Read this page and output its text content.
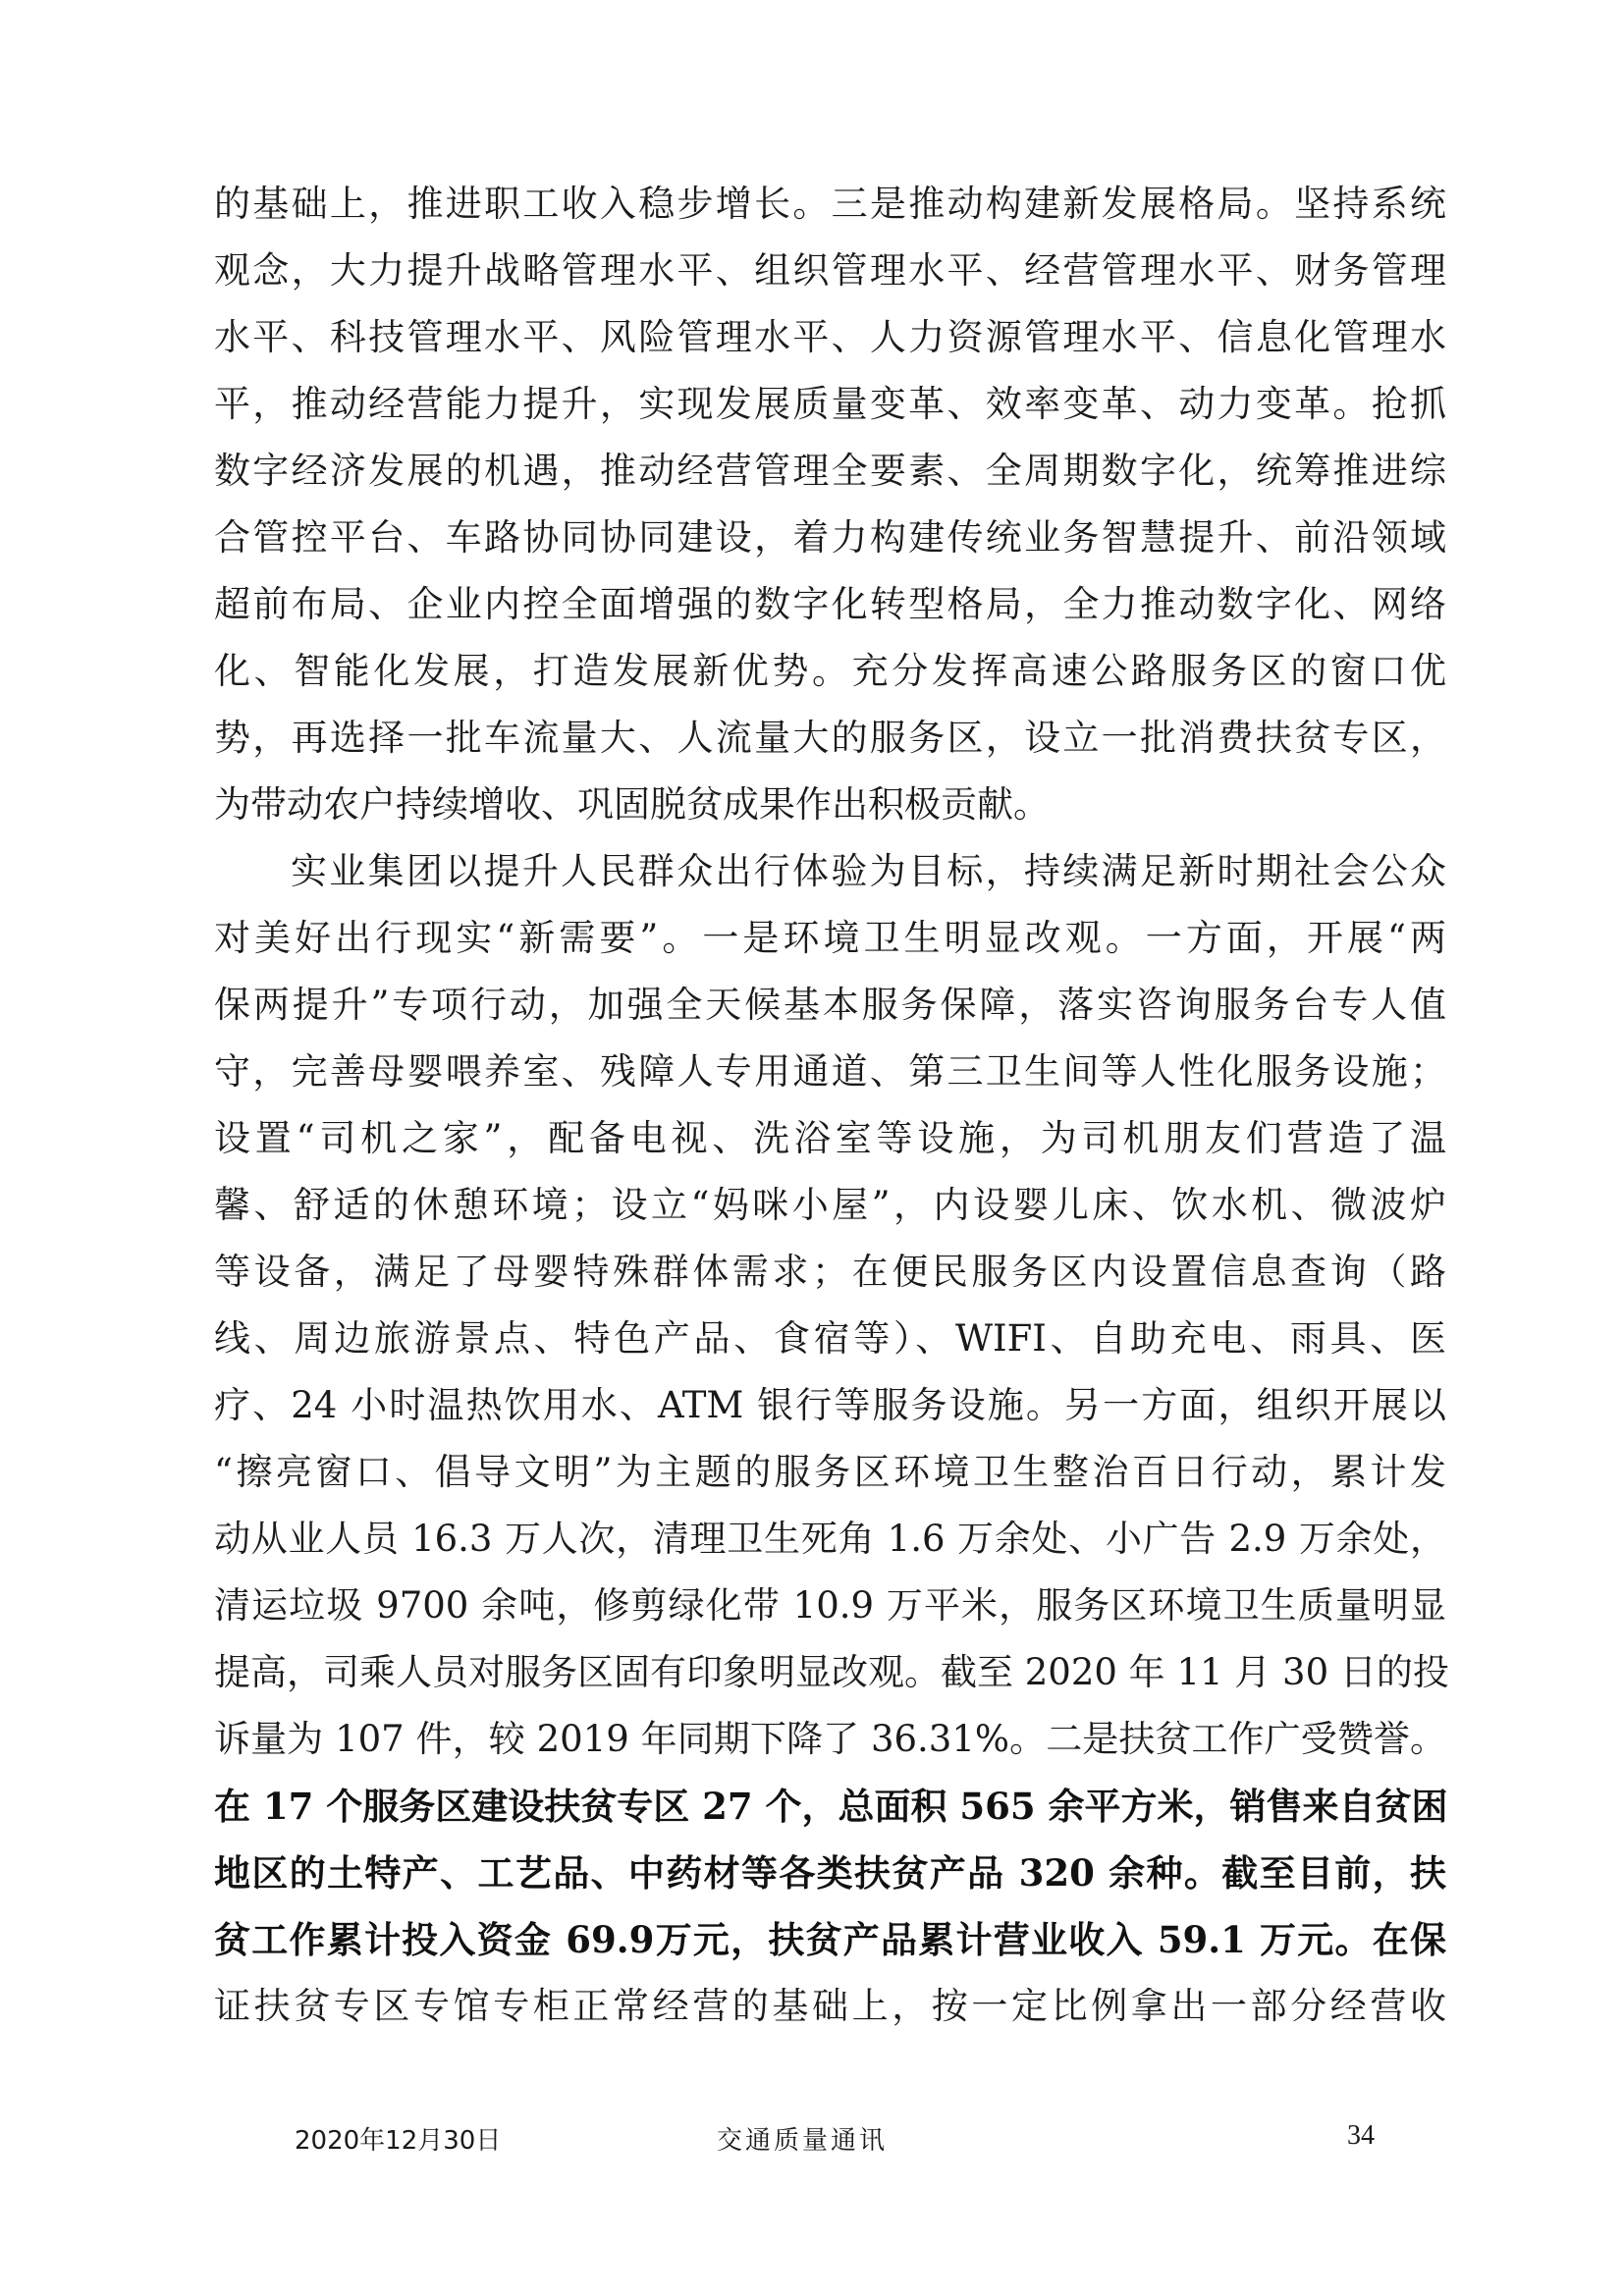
的基础上，推进职工收入稳步增长。三是推动构建新发展格局。坚持系统
观念，大力提升战略管理水平、组织管理水平、经营管理水平、财务管理
水平、科技管理水平、风险管理水平、人力资源管理水平、信息化管理水
平，推动经营能力提升，实现发展质量变革、效率变革、动力变革。抢抓
数字经济发展的机遇，推动经营管理全要素、全周期数字化，统筹推进综
合管控平台、车路协同协同建设，着力构建传统业务智慧提升、前沿领域
超前布局、企业内控全面增强的数字化转型格局，全力推动数字化、网络
化、智能化发展，打造发展新优势。充分发挥高速公路服务区的窗口优
势，再选择一批车流量大、人流量大的服务区，设立一批消费扶贫专区，
为带动农户持续增收、巩固脱贫成果作出积极贡献。
实业集团以提升人民群众出行体验为目标，持续满足新时期社会公众
对美好出行现实“新需要”。一是环境卫生明显改观。一方面，开展“两
保两提升”专项行动，加强全天候基本服务保障，落实咨询服务台专人值
守，完善母婴喂养室、残障人专用通道、第三卫生间等人性化服务设施；
设置“司机之家”，配备电视、洗浴室等设施，为司机朋友们营造了温
馨、舒适的休憩环境；设立“妈咪小屋”，内设婴儿床、饮水机、微波炉
等设备，满足了母婴特殊群体需求；在便民服务区内设置信息查询（路
线、周边旅游景点、特色产品、食宿等）、WIFI、自助充电、雨具、医
疗、24 小时温热饮用水、ATM 银行等服务设施。另一方面，组织开展以
“擦亮窗口、倡导文明”为主题的服务区环境卫生整治百日行动，累计发
动从业人员 16.3 万人次，清理卫生死角 1.6 万余处、小广告 2.9 万余处，
清运垃圾 9700 余吨，修剪绿化带 10.9 万平米，服务区环境卫生质量明显
提高，司乘人员对服务区固有印象明显改观。截至 2020 年 11 月 30 日的投
诉量为 107 件，较 2019 年同期下降了 36.31%。二是扶贫工作广受赞誉。
在 17 个服务区建设扶贫专区 27 个，总面积 565 余平方米，销售来自贫困
地区的土特产、工艺品、中药材等各类扶贫产品 320 余种。截至目前，扶
贫工作累计投入资金 69.9万元，扶贫产品累计营业收入 59.1 万元。在保
证扶贫专区专馆专柜正常经营的基础上，按一定比例拿出一部分经营收
2020年12月30日	交通质量通讯	34
